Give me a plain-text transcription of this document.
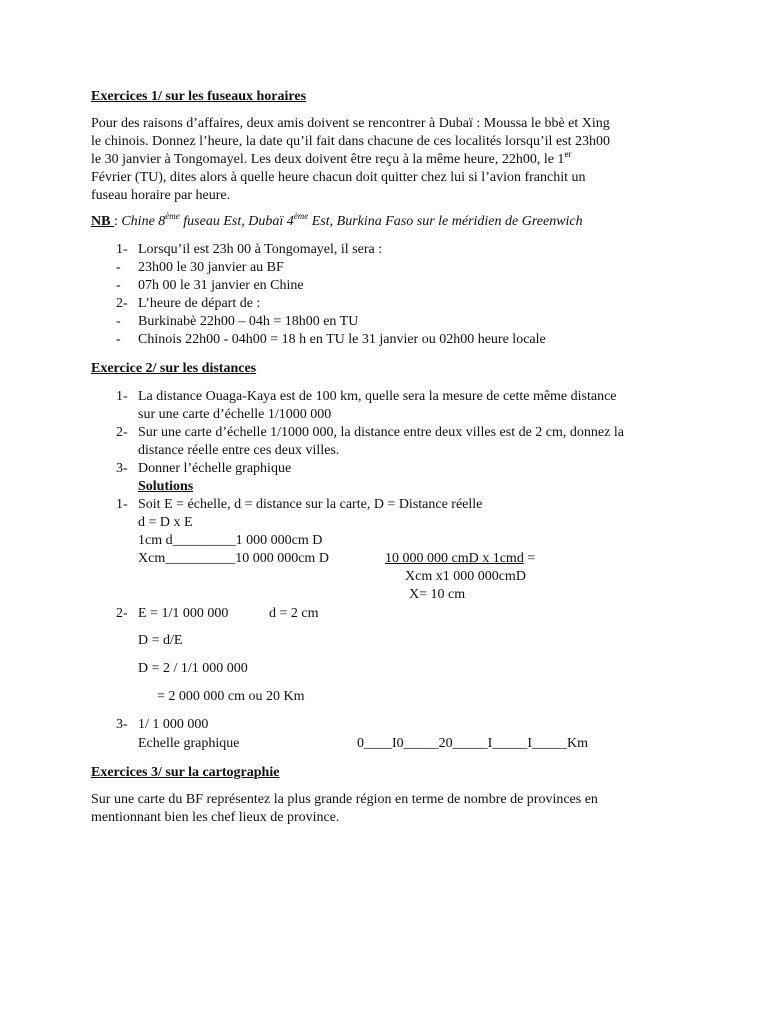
Exercices 1/ sur les fuseaux horaires
Pour des raisons d’affaires, deux amis doivent se rencontrer à Dubaï : Moussa le bbè et Xing
le chinois. Donnez l’heure, la date qu’il fait dans chacune de ces localités lorsqu’il est 23h00
le 30 janvier à Tongomayel. Les deux doivent être reçu à la même heure, 22h00, le 1er
Février (TU), dites alors à quelle heure chacun doit quitter chez lui si l’avion franchit un
fuseau horaire par heure.
NB : Chine 8ème fuseau Est, Dubaï 4ème Est, Burkina Faso sur le méridien de Greenwich
1- Lorsqu’il est 23h 00 à Tongomayel, il sera :
- 23h00 le 30 janvier au BF
- 07h 00 le 31 janvier en Chine
2- L’heure de départ de :
- Burkinabè 22h00 – 04h = 18h00 en TU
- Chinois 22h00 - 04h00 = 18 h en TU le 31 janvier ou 02h00 heure locale
Exercice 2/ sur les distances
1- La distance Ouaga-Kaya est de 100 km, quelle sera la mesure de cette même distance
sur une carte d’échelle 1/1000 000
2- Sur une carte d’échelle 1/1000 000, la distance entre deux villes est de 2 cm, donnez la
distance réelle entre ces deux villes.
3- Donner l’échelle graphique
Solutions
1- Soit E = échelle, d = distance sur la carte, D = Distance réelle
d = D x E
1cm d_________1 000 000cm D
Xcm__________10 000 000cm D	10 000 000 cmD x 1cmd =
Xcm x1 000 000cmD
X= 10 cm
2- E = 1/1 000 000	d = 2 cm
D = d/E
D = 2 / 1/1 000 000
= 2 000 000 cm ou 20 Km
3- 1/ 1 000 000
Echelle graphique	0____I0_____20_____I_____I_____Km
Exercices 3/ sur la cartographie
Sur une carte du BF représentez la plus grande région en terme de nombre de provinces en
mentionnant bien les chef lieux de province.
